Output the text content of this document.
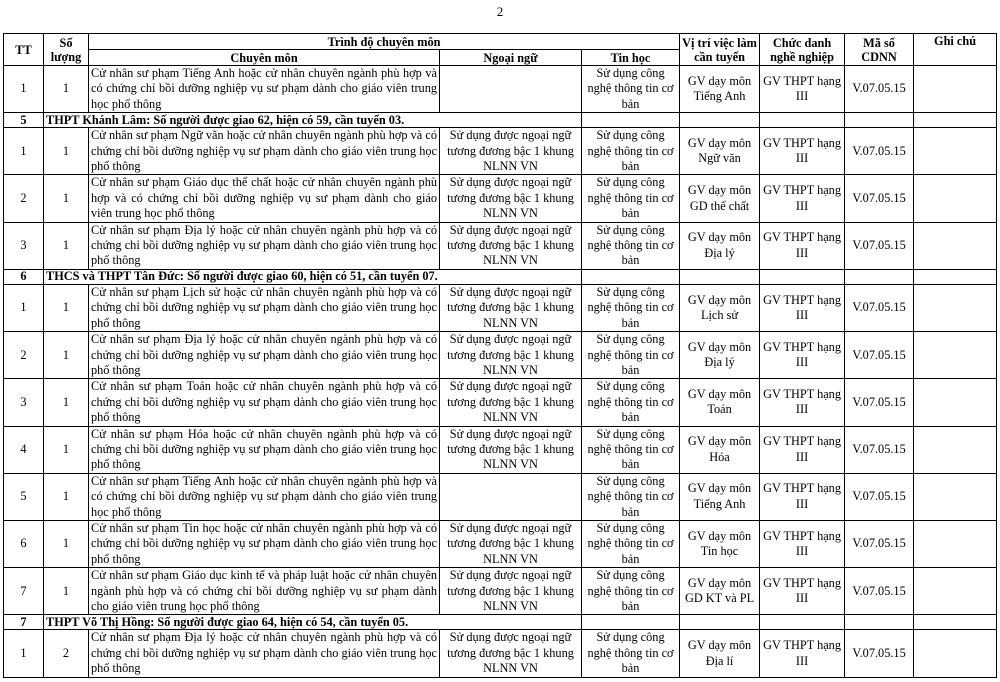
2
TT	Số lượng	Trình độ chuyên môn			Vị trí việc làm cần tuyển	Chức danh nghề nghiệp	Mã số CDNN	Ghi chú
		Chuyên môn	Ngoại ngữ	Tin học				
1	1	Cử nhân sư phạm Tiếng Anh hoặc cử nhân chuyên ngành phù hợp và có chứng chỉ bồi dưỡng nghiệp vụ sư phạm dành cho giáo viên trung học phổ thông		Sử dụng công nghệ thông tin cơ bản	GV dạy môn Tiếng Anh	GV THPT hạng III	V.07.05.15	
5	THPT Khánh Lâm: Số người được giao 62, hiện có 59, cần tuyển 03.							
1	1	Cử nhân sư phạm Ngữ văn hoặc cử nhân chuyên ngành phù hợp và có chứng chỉ bồi dưỡng nghiệp vụ sư phạm dành cho giáo viên trung học phổ thông	Sử dụng được ngoại ngữ tương đương bậc 1 khung NLNN VN	Sử dụng công nghệ thông tin cơ bản	GV dạy môn Ngữ văn	GV THPT hạng III	V.07.05.15	
2	1	Cử nhân sư phạm Giáo dục thể chất hoặc cử nhân chuyên ngành phù hợp và có chứng chỉ bồi dưỡng nghiệp vụ sư phạm dành cho giáo viên trung học phổ thông	Sử dụng được ngoại ngữ tương đương bậc 1 khung NLNN VN	Sử dụng công nghệ thông tin cơ bản	GV dạy môn GD thể chất	GV THPT hạng III	V.07.05.15	
3	1	Cử nhân sư phạm Địa lý hoặc cử nhân chuyên ngành phù hợp và có chứng chỉ bồi dưỡng nghiệp vụ sư phạm dành cho giáo viên trung học phổ thông	Sử dụng được ngoại ngữ tương đương bậc 1 khung NLNN VN	Sử dụng công nghệ thông tin cơ bản	GV dạy môn Địa lý	GV THPT hạng III	V.07.05.15	
6	THCS và THPT Tân Đức: Số người được giao 60, hiện có 51, cần tuyển 07.							
1	1	Cử nhân sư phạm Lịch sử hoặc cử nhân chuyên ngành phù hợp và có chứng chỉ bồi dưỡng nghiệp vụ sư phạm dành cho giáo viên trung học phổ thông	Sử dụng được ngoại ngữ tương đương bậc 1 khung NLNN VN	Sử dụng công nghệ thông tin cơ bản	GV dạy môn Lịch sử	GV THPT hạng III	V.07.05.15	
2	1	Cử nhân sư phạm Địa lý hoặc cử nhân chuyên ngành phù hợp và có chứng chỉ bồi dưỡng nghiệp vụ sư phạm dành cho giáo viên trung học phổ thông	Sử dụng được ngoại ngữ tương đương bậc 1 khung NLNN VN	Sử dụng công nghệ thông tin cơ bản	GV dạy môn Địa lý	GV THPT hạng III	V.07.05.15	
3	1	Cử nhân sư phạm Toán hoặc cử nhân chuyên ngành phù hợp và có chứng chỉ bồi dưỡng nghiệp vụ sư phạm dành cho giáo viên trung học phổ thông	Sử dụng được ngoại ngữ tương đương bậc 1 khung NLNN VN	Sử dụng công nghệ thông tin cơ bản	GV dạy môn Toán	GV THPT hạng III	V.07.05.15	
4	1	Cử nhân sư phạm Hóa hoặc cử nhân chuyên ngành phù hợp và có chứng chỉ bồi dưỡng nghiệp vụ sư phạm dành cho giáo viên trung học phổ thông	Sử dụng được ngoại ngữ tương đương bậc 1 khung NLNN VN	Sử dụng công nghệ thông tin cơ bản	GV dạy môn Hóa	GV THPT hạng III	V.07.05.15	
5	1	Cử nhân sư phạm Tiếng Anh hoặc cử nhân chuyên ngành phù hợp và có chứng chỉ bồi dưỡng nghiệp vụ sư phạm dành cho giáo viên trung học phổ thông		Sử dụng công nghệ thông tin cơ bản	GV dạy môn Tiếng Anh	GV THPT hạng III	V.07.05.15	
6	1	Cử nhân sư phạm Tin học hoặc cử nhân chuyên ngành phù hợp và có chứng chỉ bồi dưỡng nghiệp vụ sư phạm dành cho giáo viên trung học phổ thông	Sử dụng được ngoại ngữ tương đương bậc 1 khung NLNN VN	Sử dụng công nghệ thông tin cơ bản	GV dạy môn Tin học	GV THPT hạng III	V.07.05.15	
7	1	Cử nhân sư phạm Giáo dục kinh tế và pháp luật hoặc cử nhân chuyên ngành phù hợp và có chứng chỉ bồi dưỡng nghiệp vụ sư phạm dành cho giáo viên trung học phổ thông	Sử dụng được ngoại ngữ tương đương bậc 1 khung NLNN VN	Sử dụng công nghệ thông tin cơ bản	GV dạy môn GD KT và PL	GV THPT hạng III	V.07.05.15	
7	THPT Võ Thị Hồng: Số người được giao 64, hiện có 54, cần tuyển 05.							
1	2	Cử nhân sư phạm Địa lý hoặc cử nhân chuyên ngành phù hợp và có chứng chỉ bồi dưỡng nghiệp vụ sư phạm dành cho giáo viên trung học phổ thông	Sử dụng được ngoại ngữ tương đương bậc 1 khung NLNN VN	Sử dụng công nghệ thông tin cơ bản	GV dạy môn Địa lí	GV THPT hạng III	V.07.05.15	
